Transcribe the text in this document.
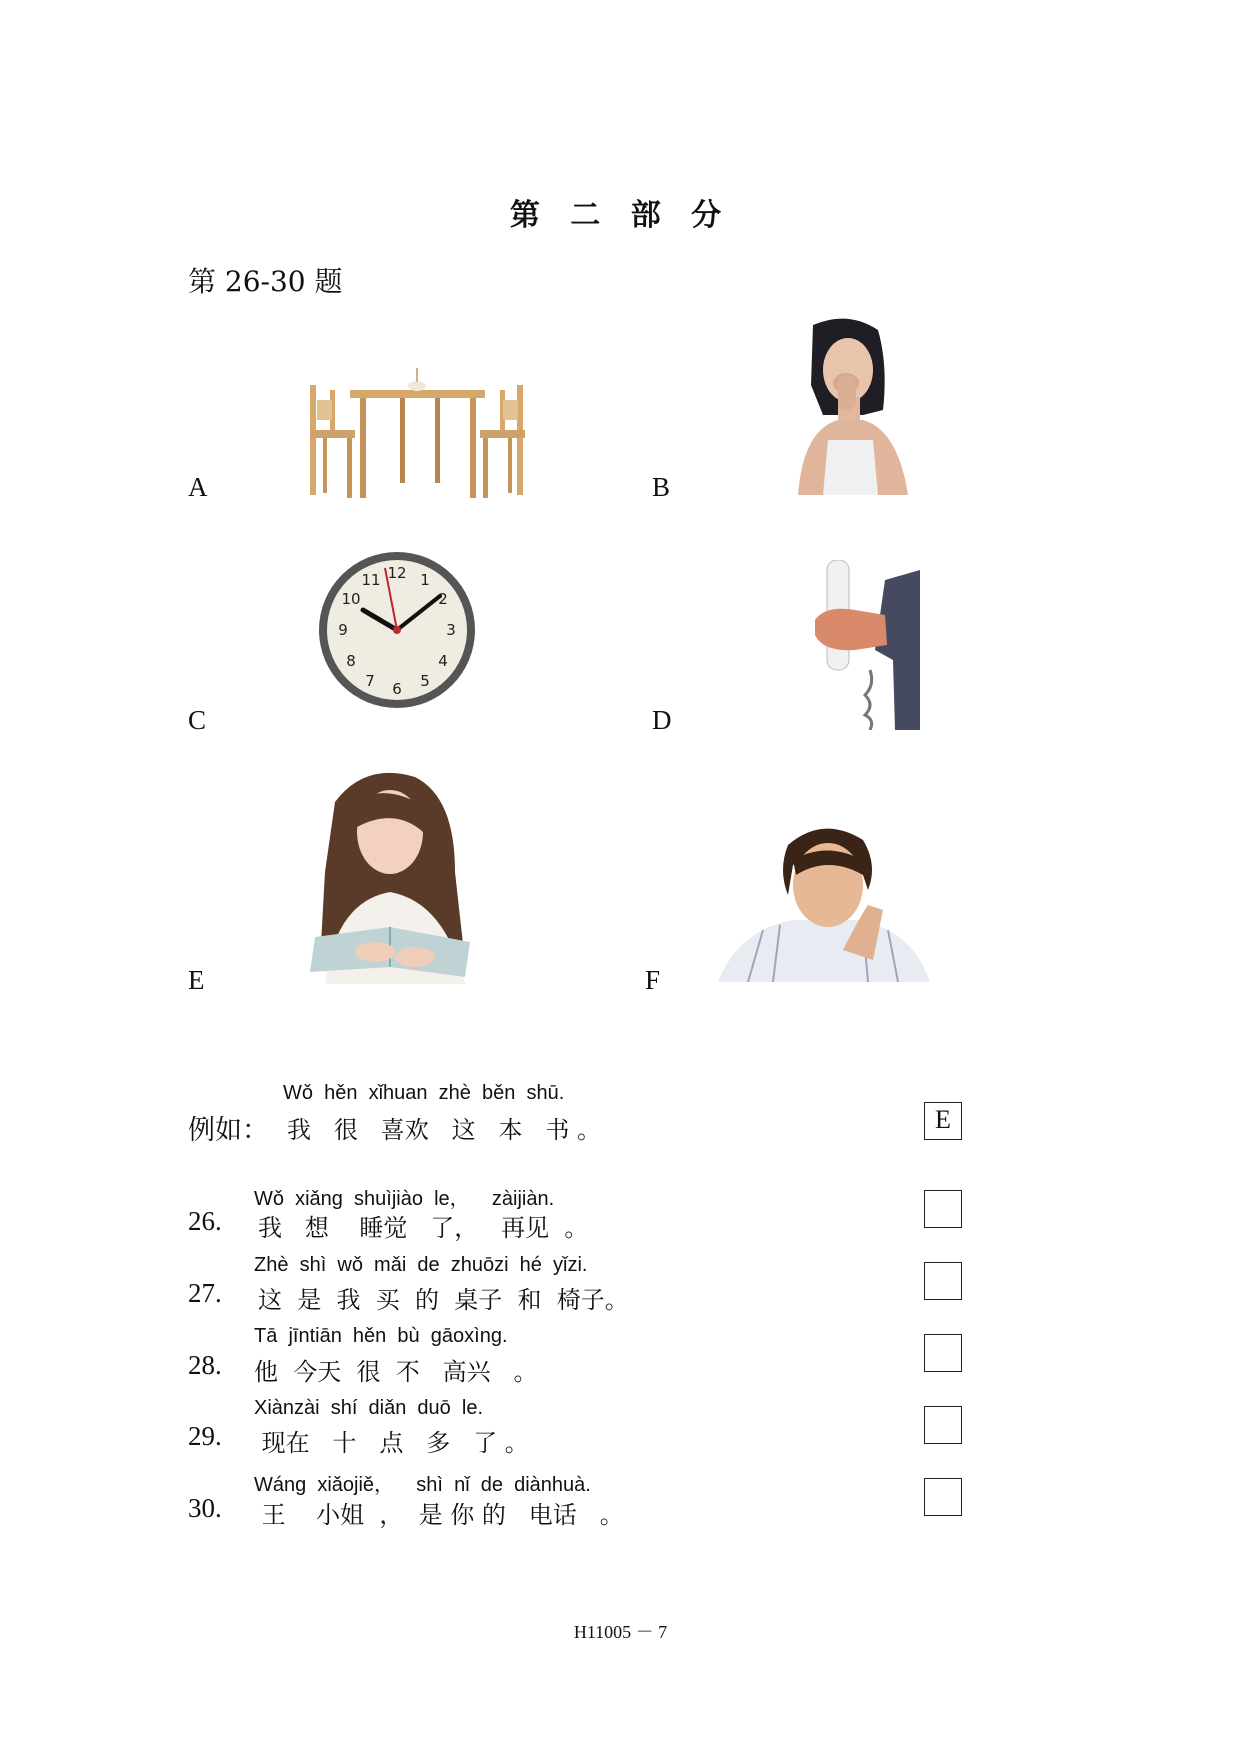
第 二 部 分
第 26-30 题
A	B
C
12 1
2
3
4
5
6
7
8
9
10
11
D
E	F
Wǒ  hěn  xǐhuan  zhè  běn  shū.
例如： 我   很   喜欢   这   本   书 。	E
Wǒ  xiǎng  shuìjiào  le，    zàijiàn.
26. 我   想    睡觉   了，   再见  。
Zhè  shì  wǒ  mǎi  de  zhuōzi  hé  yǐzi.
27. 这  是  我  买  的  桌子  和  椅子。
Tā  jīntiān  hěn  bù  gāoxìng.
28. 他  今天  很  不   高兴   。
Xiànzài  shí  diǎn  duō  le.
29. 现在   十   点   多   了 。
Wáng  xiǎojiě，    shì  nǐ  de  diànhuà.
30. 王    小姐  ，  是 你 的   电话   。
H11005 － 7
